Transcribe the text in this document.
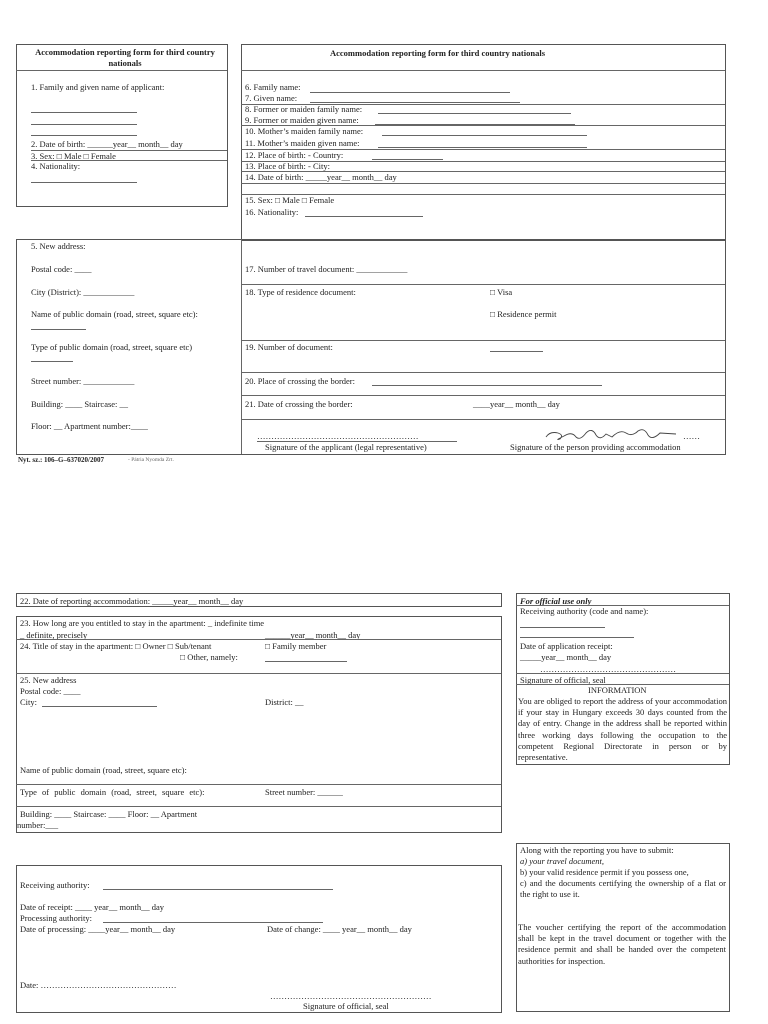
Accommodation reporting form for third country nationals
1. Family and given name of applicant:
2. Date of birth: ______year__ month__ day
3. Sex: □ Male □ Female
4. Nationality:
Accommodation reporting form for third country nationals
6. Family name:
7. Given name:
8. Former or maiden family name:
9. Former or maiden given name:
10. Mother’s maiden family name:
11. Mother’s maiden given name:
12. Place of birth: - Country:
13. Place of birth: - City:
14. Date of birth: _____year__ month__ day
15. Sex: □ Male □ Female
16. Nationality:
5. New address:
Postal code: ____
City (District): ____________
Name of public domain (road, street, square etc):
Type of public domain (road, street, square etc)
Street number: ____________
Building: ____ Staircase: __
Floor: __ Apartment number:____
17. Number of travel document: ____________
18. Type of residence document:	□ Visa
□ Residence permit
19. Number of document:
20. Place of crossing the border:
21. Date of crossing the border:	____year__ month__ day
…………………………………………………	……
Signature of the applicant (legal representative)	Signature of the person providing accommodation
Nyt. sz.: 106–G–637020/2007	- Pátria Nyomda Zrt.
22. Date of reporting accommodation: _____year__ month__ day
23. How long are you entitled to stay in the apartment: _ indefinite time
_ definite, precisely	______year__ month__ day
24. Title of stay in the apartment: □ Owner □ Sub/tenant	□ Family member
□ Other, namely:
25. New address
Postal code: ____
City:	District: __
Name of public domain (road, street, square etc):
Type of public domain (road, street, square etc):	Street number: ______
Building: ____ Staircase: ____ Floor: __ Apartment
number:___
Receiving authority:
Date of receipt: ____ year__ month__ day
Processing authority:
Date of processing: ____year__ month__ day	Date of change: ____ year__ month__ day
Date: …………………………………………
…………………………………………………
Signature of official, seal
For official use only
Receiving authority (code and name):
Date of application receipt:
_____year__ month__ day
…………………………………………
Signature of official, seal
INFORMATION
You are obliged to report the address of your accommodation if your stay in Hungary exceeds 30 days counted from the day of entry. Change in the address shall be reported within three working days following the occupation to the competent Regional Directorate in person or by representative.
Along with the reporting you have to submit:
a) your travel document,
b) your valid residence permit if you possess one,
c) and the documents certifying the ownership of a flat or the right to use it.
The voucher certifying the report of the accommodation shall be kept in the travel document or together with the residence permit and shall be handed over the competent authorities for inspection.
